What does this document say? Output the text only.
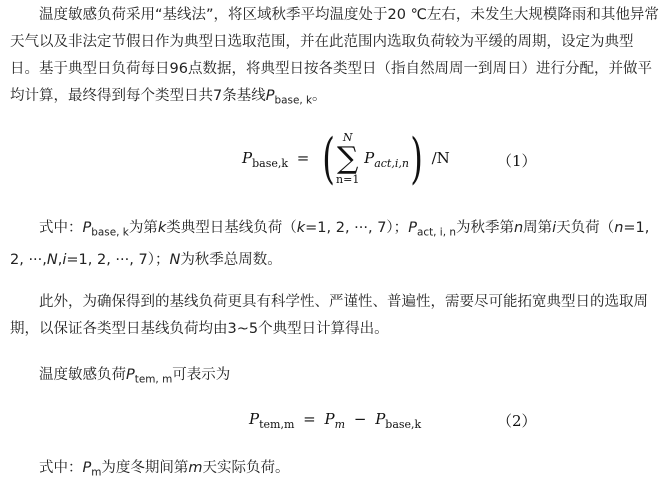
温度敏感负荷采用“基线法”，将区域秋季平均温度处于20 ℃左右，未发生大规模降雨和其他异常天气以及非法定节假日作为典型日选取范围，并在此范围内选取负荷较为平缓的周期，设定为典型日。基于典型日负荷每日96点数据，将典型日按各类型日（指自然周周一到周日）进行分配，并做平均计算，最终得到每个类型日共7条基线$P_{base, k}$。
$P_{base,k}$ = ( N
∑
n=1
$P_{act,i,n}$ ) /N	（1）
式中：$P_{base, k}$为第k类典型日基线负荷（k=1, 2, ···, 7）；$P_{act, i, n}$为秋季第n周第i天负荷（n=1, 2, ···,N,i=1, 2, ···, 7）；N为秋季总周数。
此外，为确保得到的基线负荷更具有科学性、严谨性、普遍性，需要尽可能拓宽典型日的选取周期，以保证各类型日基线负荷均由3~5个典型日计算得出。
温度敏感负荷$P_{tem, m}$可表示为
$P_{tem,m} = P_m - P_{base,k}$	（2）
式中：$P_m$为度冬期间第m天实际负荷。
